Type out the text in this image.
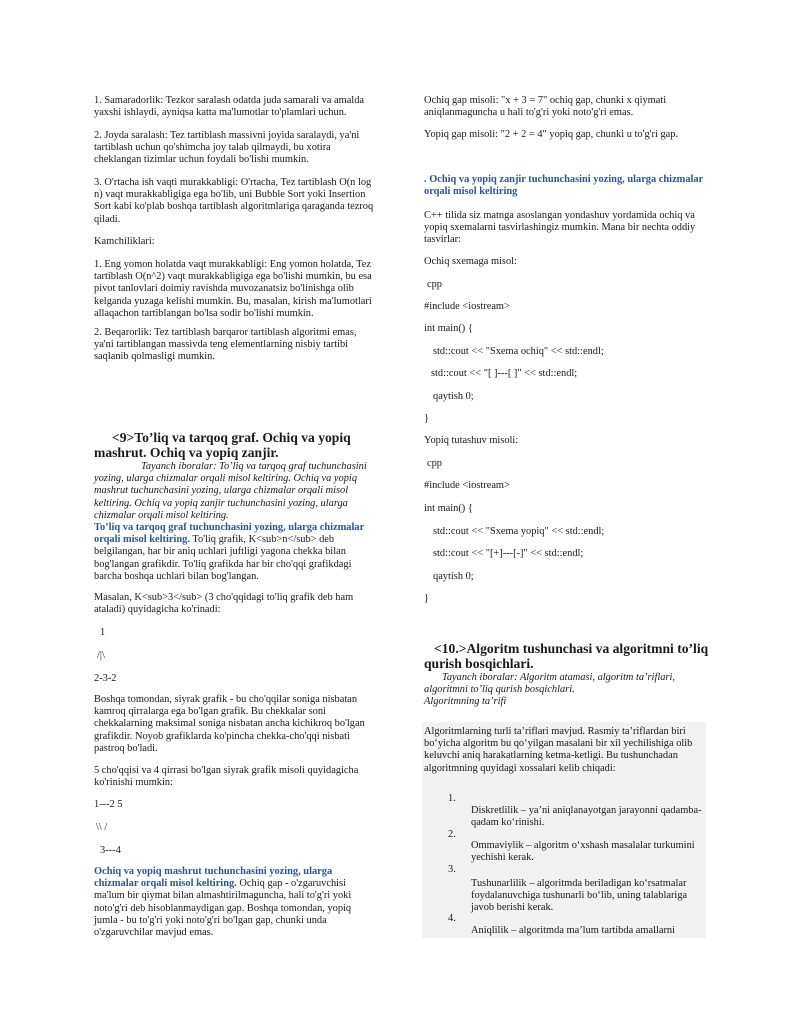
1. Samaradorlik: Tezkor saralash odatda juda samarali va amalda
yaxshi ishlaydi, ayniqsa katta ma'lumotlar to'plamlari uchun.
2. Joyda saralash: Tez tartiblash massivni joyida saralaydi, ya'ni
tartiblash uchun qo'shimcha joy talab qilmaydi, bu xotira
cheklangan tizimlar uchun foydali bo'lishi mumkin.
3. O'rtacha ish vaqti murakkabligi: O'rtacha, Tez tartiblash O(n log
n) vaqt murakkabligiga ega bo'lib, uni Bubble Sort yoki Insertion
Sort kabi ko'plab boshqa tartiblash algoritmlariga qaraganda tezroq
qiladi.
Kamchiliklari:
1. Eng yomon holatda vaqt murakkabligi: Eng yomon holatda, Tez
tartiblash O(n^2) vaqt murakkabligiga ega bo'lishi mumkin, bu esa
pivot tanlovlari doimiy ravishda muvozanatsiz bo'linishga olib
kelganda yuzaga kelishi mumkin. Bu, masalan, kirish ma'lumotlari
allaqachon tartiblangan bo'lsa sodir bo'lishi mumkin.
2. Beqarorlik: Tez tartiblash barqaror tartiblash algoritmi emas,
ya'ni tartiblangan massivda teng elementlarning nisbiy tartibi
saqlanib qolmasligi mumkin.
<9>To’liq va tarqoq graf. Ochiq va yopiq
mashrut. Ochiq va yopiq zanjir.
Tayanch iboralar: To’liq va tarqoq graf tuchunchasini
yozing, ularga chizmalar orqali misol keltiring. Ochiq va yopiq
mashrut tuchunchasini yozing, ularga chizmalar orqali misol
keltiring. Ochiq va yopiq zanjir tuchunchasini yozing, ularga
chizmalar orqali misol keltiring.
To’liq va tarqoq graf tuchunchasini yozing, ularga chizmalar
orqali misol keltiring. To'liq grafik, K<sub>n</sub> deb
belgilangan, har bir aniq uchlari juftligi yagona chekka bilan
bog'langan grafikdir. To'liq grafikda har bir cho'qqi grafikdagi
barcha boshqa uchlari bilan bog'langan.
Masalan, K<sub>3</sub> (3 cho'qqidagi to'liq grafik deb ham
ataladi) quyidagicha ko'rinadi:
1
/|\
2-3-2
Boshqa tomondan, siyrak grafik - bu cho'qqilar soniga nisbatan
kamroq qirralarga ega bo'lgan grafik. Bu chekkalar soni
chekkalarning maksimal soniga nisbatan ancha kichikroq bo'lgan
grafikdir. Noyob grafiklarda ko'pincha chekka-cho'qqi nisbati
pastroq bo'ladi.
5 cho'qqisi va 4 qirrasi bo'lgan siyrak grafik misoli quyidagicha
ko'rinishi mumkin:
1---2 5
\\ /
3---4
Ochiq va yopiq mashrut tuchunchasini yozing, ularga
chizmalar orqali misol keltiring. Ochiq gap - o'zgaruvchisi
ma'lum bir qiymat bilan almashtirilmaguncha, hali to'g'ri yoki
noto'g'ri deb hisoblanmaydigan gap. Boshqa tomondan, yopiq
jumla - bu to'g'ri yoki noto'g'ri bo'lgan gap, chunki unda
o'zgaruvchilar mavjud emas.
Ochiq gap misoli: "x + 3 = 7" ochiq gap, chunki x qiymati
aniqlanmaguncha u hali to'g'ri yoki noto'g'ri emas.
Yopiq gap misoli: "2 + 2 = 4" yopiq gap, chunki u to'g'ri gap.
. Ochiq va yopiq zanjir tuchunchasini yozing, ularga chizmalar
orqali misol keltiring
C++ tilida siz matnga asoslangan yondashuv yordamida ochiq va
yopiq sxemalarni tasvirlashingiz mumkin. Mana bir nechta oddiy
tasvirlar:
Ochiq sxemaga misol:
cpp
#include <iostream>
int main() {
std::cout << "Sxema ochiq" << std::endl;
std::cout << "[ ]---[ ]" << std::endl;
qaytish 0;
}
Yopiq tutashuv misoli:
cpp
#include <iostream>
int main() {
std::cout << "Sxema yopiq" << std::endl;
std::cout << "[+]---[-]" << std::endl;
qaytish 0;
}
<10.>Algoritm tushunchasi va algoritmni to’liq
qurish bosqichlari.
Tayanch iboralar: Algoritm atamasi, algoritm ta’riflari,
algoritmni to’liq qurish bosqichlari.
Algoritmning ta’rifi
Algoritmlarning turli ta’riflari mavjud. Rasmiy ta’riflardan biri
bo‘yicha algoritm bu qo‘yilgan masalani bir xil yechilishiga olib
keluvchi aniq harakatlarning ketma-ketligi. Bu tushunchadan
algoritmning quyidagi xossalari kelib chiqadi:
1.
Diskretlilik – ya’ni aniqlanayotgan jarayonni qadamba-
qadam ko‘rinishi.
2.
Ommaviylik – algoritm o‘xshash masalalar turkumini
yechishi kerak.
3.
Tushunarlilik – algoritmda beriladigan ko‘rsatmalar
foydalanuvchiga tushunarli bo‘lib, uning talablariga
javob berishi kerak.
4.
Aniqlilik – algoritmda ma’lum tartibda amallarni
